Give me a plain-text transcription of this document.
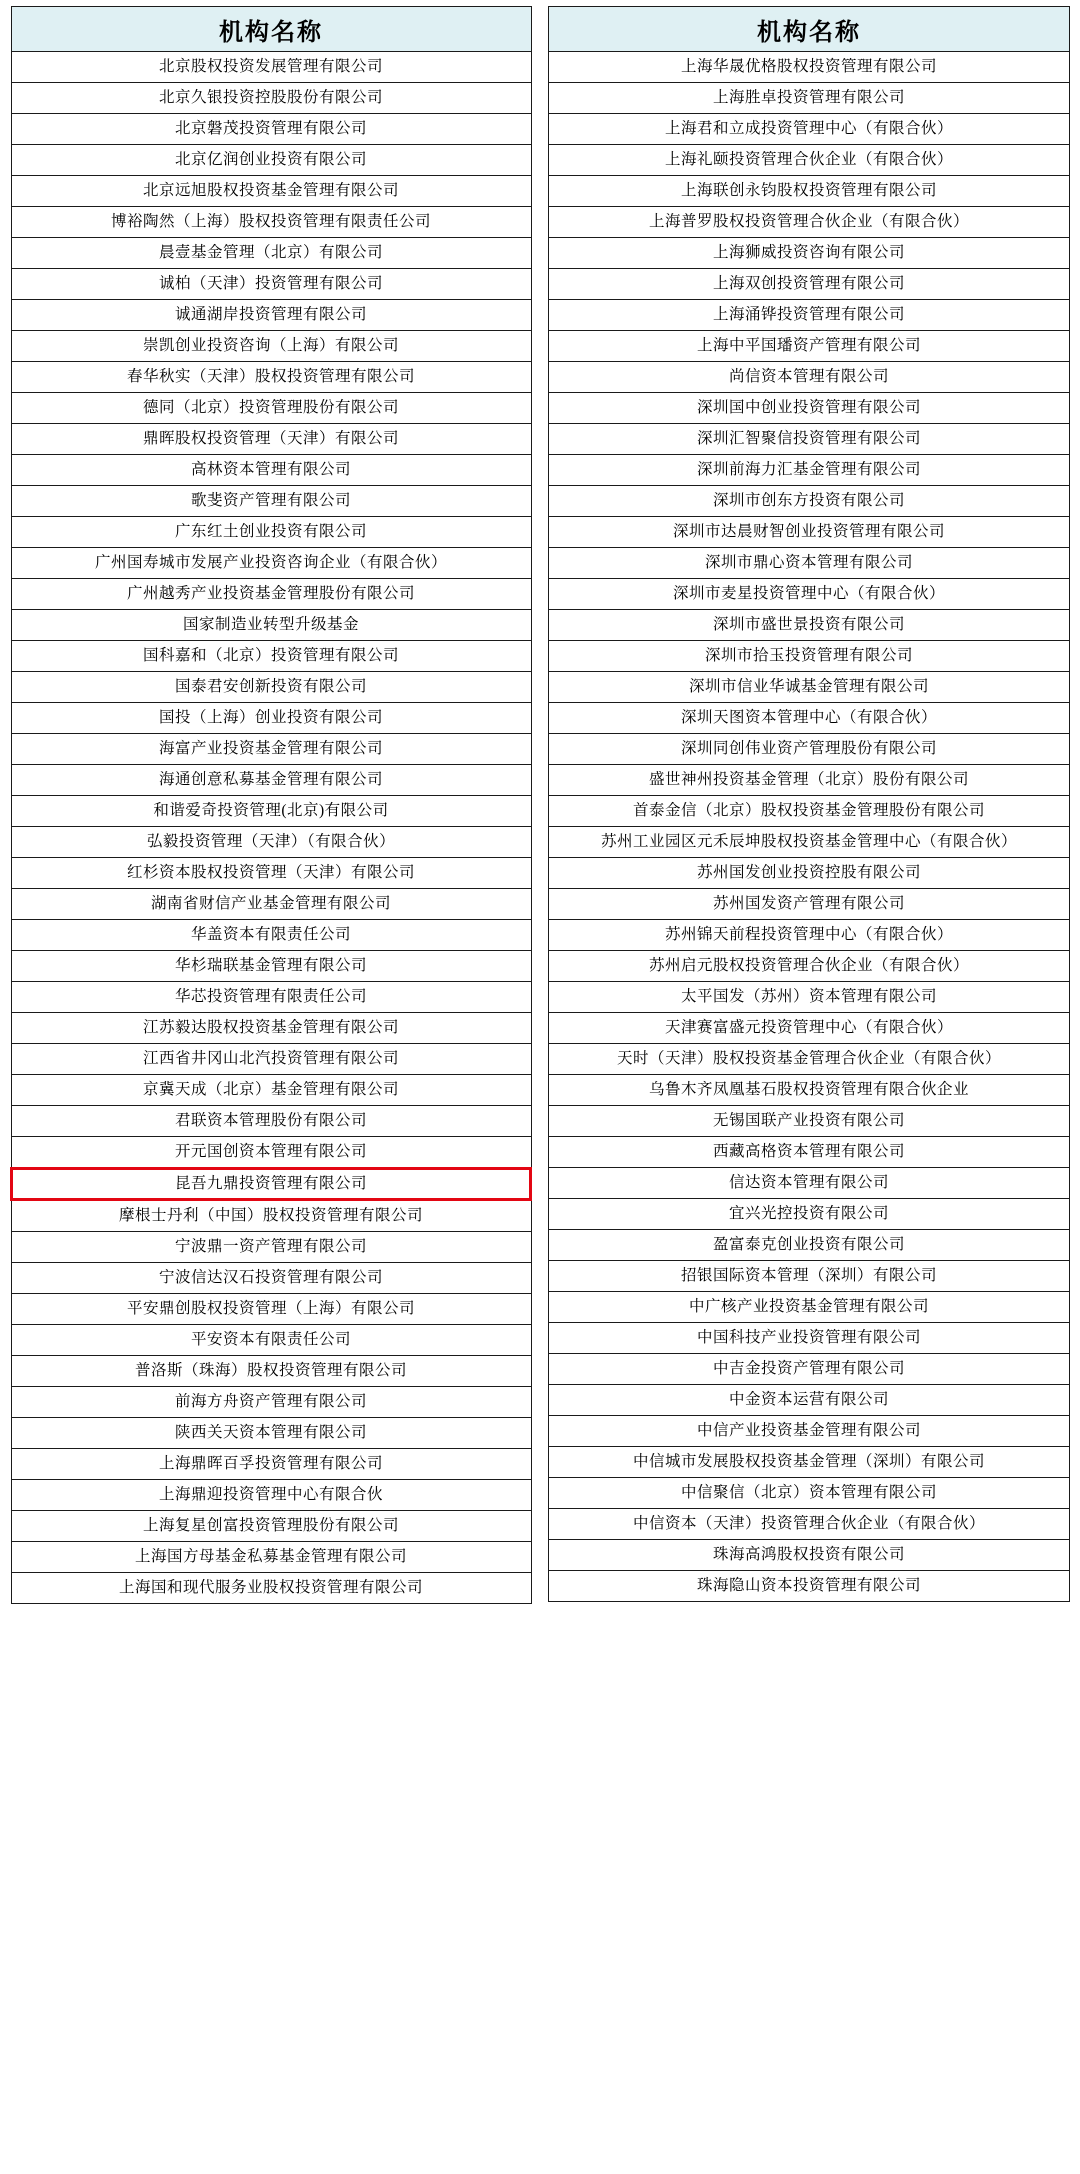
机构名称
北京股权投资发展管理有限公司
北京久银投资控股股份有限公司
北京磐茂投资管理有限公司
北京亿润创业投资有限公司
北京远旭股权投资基金管理有限公司
博裕陶然（上海）股权投资管理有限责任公司
晨壹基金管理（北京）有限公司
诚柏（天津）投资管理有限公司
诚通湖岸投资管理有限公司
崇凯创业投资咨询（上海）有限公司
春华秋实（天津）股权投资管理有限公司
德同（北京）投资管理股份有限公司
鼎晖股权投资管理（天津）有限公司
高林资本管理有限公司
歌斐资产管理有限公司
广东红土创业投资有限公司
广州国寿城市发展产业投资咨询企业（有限合伙）
广州越秀产业投资基金管理股份有限公司
国家制造业转型升级基金
国科嘉和（北京）投资管理有限公司
国泰君安创新投资有限公司
国投（上海）创业投资有限公司
海富产业投资基金管理有限公司
海通创意私募基金管理有限公司
和谐爱奇投资管理(北京)有限公司
弘毅投资管理（天津）（有限合伙）
红杉资本股权投资管理（天津）有限公司
湖南省财信产业基金管理有限公司
华盖资本有限责任公司
华杉瑞联基金管理有限公司
华芯投资管理有限责任公司
江苏毅达股权投资基金管理有限公司
江西省井冈山北汽投资管理有限公司
京冀天成（北京）基金管理有限公司
君联资本管理股份有限公司
开元国创资本管理有限公司
昆吾九鼎投资管理有限公司
摩根士丹利（中国）股权投资管理有限公司
宁波鼎一资产管理有限公司
宁波信达汉石投资管理有限公司
平安鼎创股权投资管理（上海）有限公司
平安资本有限责任公司
普洛斯（珠海）股权投资管理有限公司
前海方舟资产管理有限公司
陕西关天资本管理有限公司
上海鼎晖百孚投资管理有限公司
上海鼎迎投资管理中心有限合伙
上海复星创富投资管理股份有限公司
上海国方母基金私募基金管理有限公司
上海国和现代服务业股权投资管理有限公司
机构名称
上海华晟优格股权投资管理有限公司
上海胜卓投资管理有限公司
上海君和立成投资管理中心（有限合伙）
上海礼颐投资管理合伙企业（有限合伙）
上海联创永钧股权投资管理有限公司
上海普罗股权投资管理合伙企业（有限合伙）
上海狮威投资咨询有限公司
上海双创投资管理有限公司
上海涌铧投资管理有限公司
上海中平国璠资产管理有限公司
尚信资本管理有限公司
深圳国中创业投资管理有限公司
深圳汇智聚信投资管理有限公司
深圳前海力汇基金管理有限公司
深圳市创东方投资有限公司
深圳市达晨财智创业投资管理有限公司
深圳市鼎心资本管理有限公司
深圳市麦星投资管理中心（有限合伙）
深圳市盛世景投资有限公司
深圳市拾玉投资管理有限公司
深圳市信业华诚基金管理有限公司
深圳天图资本管理中心（有限合伙）
深圳同创伟业资产管理股份有限公司
盛世神州投资基金管理（北京）股份有限公司
首泰金信（北京）股权投资基金管理股份有限公司
苏州工业园区元禾辰坤股权投资基金管理中心（有限合伙）
苏州国发创业投资控股有限公司
苏州国发资产管理有限公司
苏州锦天前程投资管理中心（有限合伙）
苏州启元股权投资管理合伙企业（有限合伙）
太平国发（苏州）资本管理有限公司
天津赛富盛元投资管理中心（有限合伙）
天时（天津）股权投资基金管理合伙企业（有限合伙）
乌鲁木齐凤凰基石股权投资管理有限合伙企业
无锡国联产业投资有限公司
西藏高格资本管理有限公司
信达资本管理有限公司
宜兴光控投资有限公司
盈富泰克创业投资有限公司
招银国际资本管理（深圳）有限公司
中广核产业投资基金管理有限公司
中国科技产业投资管理有限公司
中吉金投资产管理有限公司
中金资本运营有限公司
中信产业投资基金管理有限公司
中信城市发展股权投资基金管理（深圳）有限公司
中信聚信（北京）资本管理有限公司
中信资本（天津）投资管理合伙企业（有限合伙）
珠海高鸿股权投资有限公司
珠海隐山资本投资管理有限公司
